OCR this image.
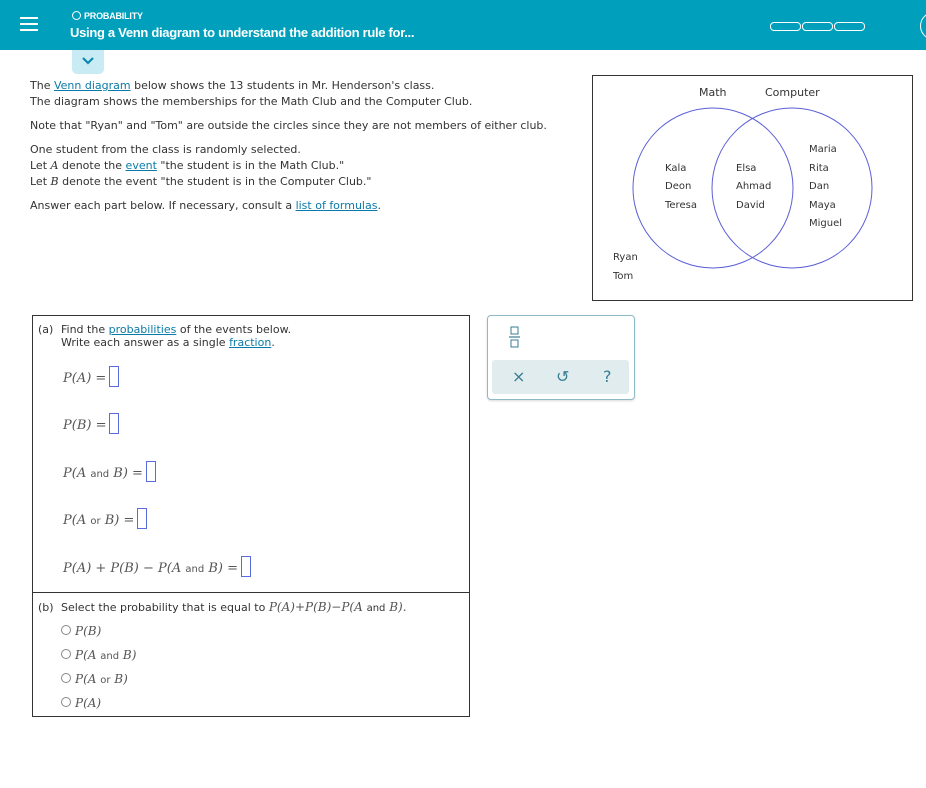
PROBABILITY
Using a Venn diagram to understand the addition rule for...

The Venn diagram below shows the 13 students in Mr. Henderson's class.
The diagram shows the memberships for the Math Club and the Computer Club.

Note that "Ryan" and "Tom" are outside the circles since they are not members of either club.

One student from the class is randomly selected.
Let A denote the event "the student is in the Math Club."
Let B denote the event "the student is in the Computer Club."

Answer each part below. If necessary, consult a list of formulas.

Math	Computer
Kala
Deon
Teresa
Elsa
Ahmad
David
Maria
Rita
Dan
Maya
Miguel
Ryan
Tom
(a) Find the probabilities of the events below.
Write each answer as a single fraction.
P(A) =
P(B) =
P(A and B) =
P(A or B) =
P(A) + P(B) − P(A and B) =
(b) Select the probability that is equal to P(A)+P(B)−P(A and B).
P(B)
P(A and B)
P(A or B)
P(A)
× ↺ ?
